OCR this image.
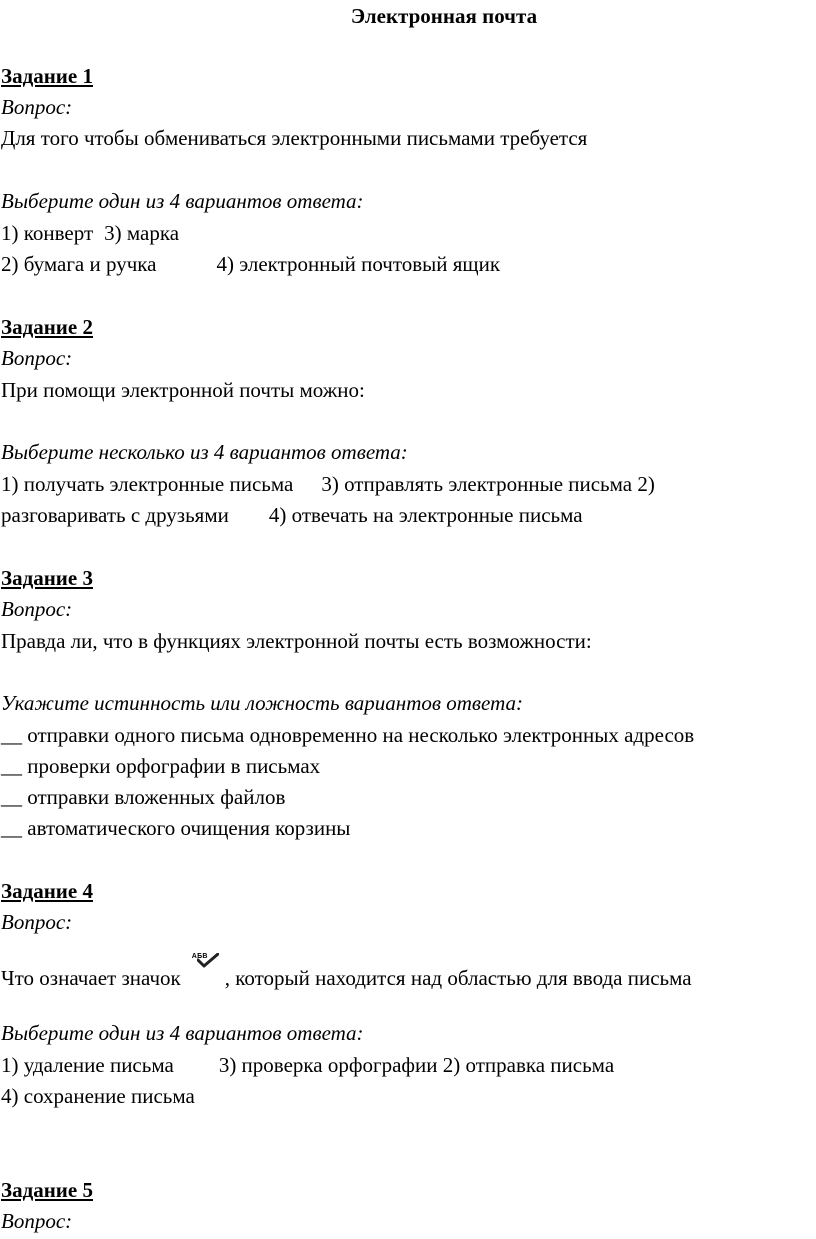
Электронная почта
Задание 1
Вопрос:
Для того чтобы обмениваться электронными письмами требуется
Выберите один из 4 вариантов ответа:
1) конверт 3) марка
2) бумага и ручка	4) электронный почтовый ящик
Задание 2
Вопрос:
При помощи электронной почты можно:
Выберите несколько из 4 вариантов ответа:
1) получать электронные письма 3) отправлять электронные письма 2)
разговаривать с друзьями 4) отвечать на электронные письма
Задание 3
Вопрос:
Правда ли, что в функциях электронной почты есть возможности:
Укажите истинность или ложность вариантов ответа:
__ отправки одного письма одновременно на несколько электронных адресов
__ проверки орфографии в письмах
__ отправки вложенных файлов
__ автоматического очищения корзины
Задание 4
Вопрос:
Что означает значок
АБВ
, который находится над областью для ввода письма
Выберите один из 4 вариантов ответа:
1) удаление письма 3) проверка орфографии 2) отправка письма
4) сохранение письма
Задание 5
Вопрос:
